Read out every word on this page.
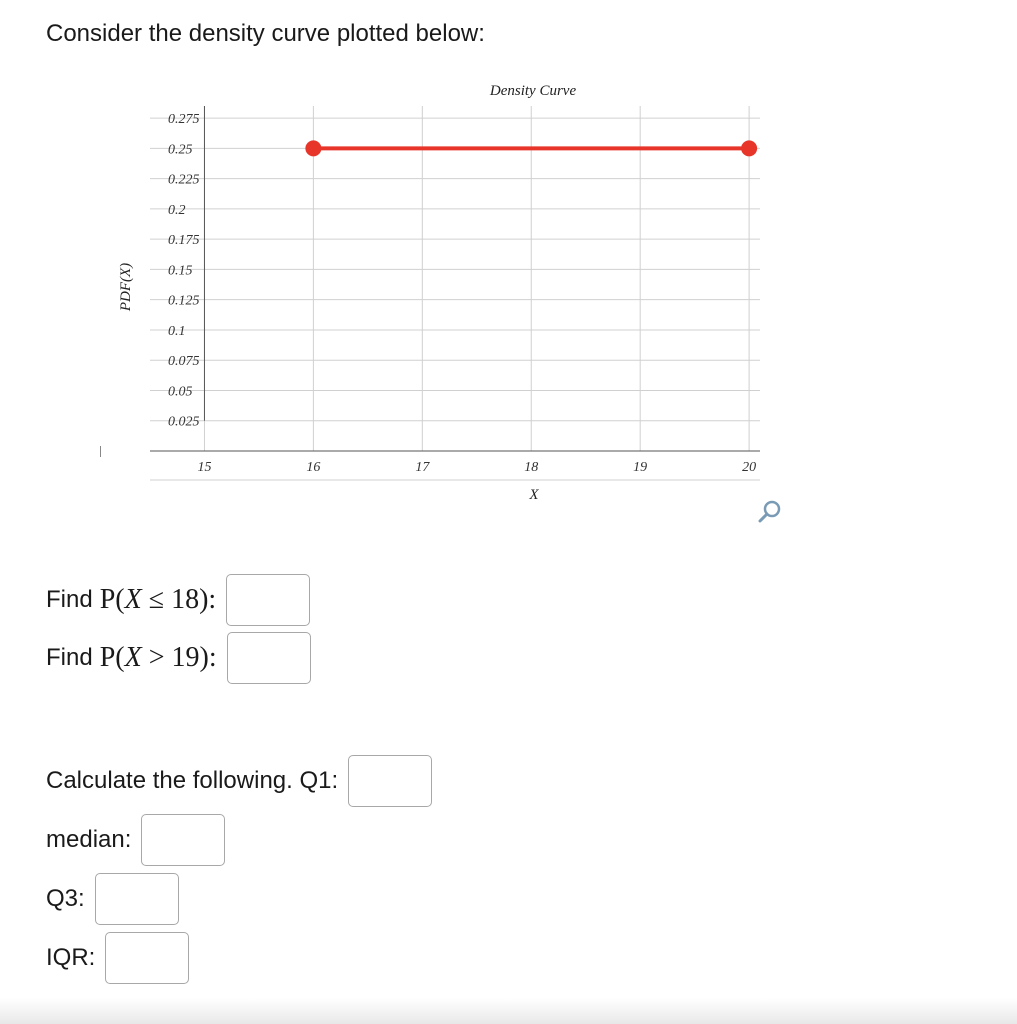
Consider the density curve plotted below:
0.025
0.05
0.075
0.1
0.125
0.15
0.175
0.2
0.225
0.25
0.275
15	16	17	18	19	20
Density Curve
X
PDF(X)
Find P(X ≤ 18):
Find P(X > 19):
Calculate the following. Q1:
median:
Q3:
IQR:
